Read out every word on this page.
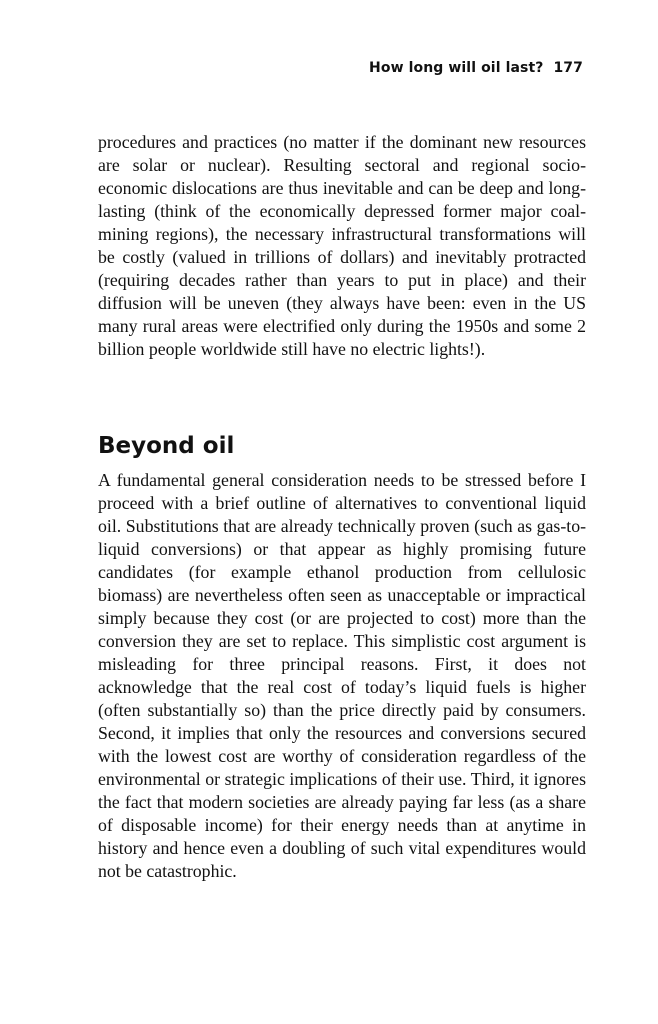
How long will oil last? 177

procedures and practices (no matter if the dominant new resources are solar or nuclear). Resulting sectoral and regional socio-economic dislocations are thus inevitable and can be deep and long-lasting (think of the economically depressed former major coal-mining regions), the necessary infrastructural transformations will be costly (valued in trillions of dollars) and inevitably protracted (requiring decades rather than years to put in place) and their diffusion will be uneven (they always have been: even in the US many rural areas were electrified only during the 1950s and some 2 billion people worldwide still have no electric lights!).

Beyond oil

A fundamental general consideration needs to be stressed before I proceed with a brief outline of alternatives to conventional liquid oil. Substitutions that are already technically proven (such as gas-to-liquid conversions) or that appear as highly promising future candidates (for example ethanol production from cellulosic biomass) are nevertheless often seen as unacceptable or impractical simply because they cost (or are projected to cost) more than the conversion they are set to replace. This simplistic cost argument is misleading for three principal reasons. First, it does not acknowledge that the real cost of today’s liquid fuels is higher (often substantially so) than the price directly paid by consumers. Second, it implies that only the resources and conversions secured with the lowest cost are worthy of consideration regardless of the environmental or strategic implications of their use. Third, it ignores the fact that modern societies are already paying far less (as a share of disposable income) for their energy needs than at anytime in history and hence even a doubling of such vital expenditures would not be catastrophic.
